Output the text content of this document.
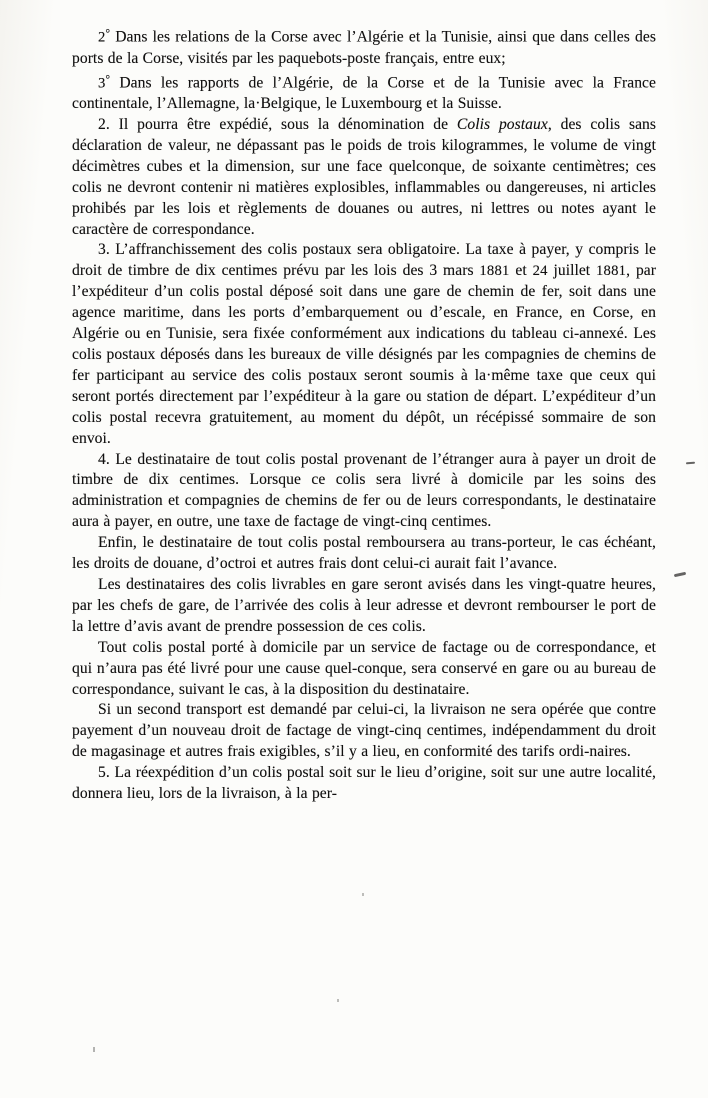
2° Dans les relations de la Corse avec l’Algérie et la Tunisie, ainsi que dans celles des ports de la Corse, visités par les paquebots-poste français, entre eux;

3° Dans les rapports de l’Algérie, de la Corse et de la Tunisie avec la France continentale, l’Allemagne, la·Belgique, le Luxembourg et la Suisse.

2. Il pourra être expédié, sous la dénomination de Colis postaux, des colis sans déclaration de valeur, ne dépassant pas le poids de trois kilogrammes, le volume de vingt décimètres cubes et la dimension, sur une face quelconque, de soixante centimètres; ces colis ne devront contenir ni matières explosibles, inflammables ou dangereuses, ni articles prohibés par les lois et règlements de douanes ou autres, ni lettres ou notes ayant le caractère de correspondance.

3. L’affranchissement des colis postaux sera obligatoire. La taxe à payer, y compris le droit de timbre de dix centimes prévu par les lois des 3 mars 1881 et 24 juillet 1881, par l’expéditeur d’un colis postal déposé soit dans une gare de chemin de fer, soit dans une agence maritime, dans les ports d’embarquement ou d’escale, en France, en Corse, en Algérie ou en Tunisie, sera fixée conformément aux indications du tableau ci-annexé. Les colis postaux déposés dans les bureaux de ville désignés par les compagnies de chemins de fer participant au service des colis postaux seront soumis à la·même taxe que ceux qui seront portés directement par l’expéditeur à la gare ou station de départ. L’expéditeur d’un colis postal recevra gratuitement, au moment du dépôt, un récépissé sommaire de son envoi.

4. Le destinataire de tout colis postal provenant de l’étranger aura à payer un droit de timbre de dix centimes. Lorsque ce colis sera livré à domicile par les soins des administration et compagnies de chemins de fer ou de leurs correspondants, le destinataire aura à payer, en outre, une taxe de factage de vingt-cinq centimes.

Enfin, le destinataire de tout colis postal remboursera au trans-porteur, le cas échéant, les droits de douane, d’octroi et autres frais dont celui-ci aurait fait l’avance.

Les destinataires des colis livrables en gare seront avisés dans les vingt-quatre heures, par les chefs de gare, de l’arrivée des colis à leur adresse et devront rembourser le port de la lettre d’avis avant de prendre possession de ces colis.

Tout colis postal porté à domicile par un service de factage ou de correspondance, et qui n’aura pas été livré pour une cause quel-conque, sera conservé en gare ou au bureau de correspondance, suivant le cas, à la disposition du destinataire.

Si un second transport est demandé par celui-ci, la livraison ne sera opérée que contre payement d’un nouveau droit de factage de vingt-cinq centimes, indépendamment du droit de magasinage et autres frais exigibles, s’il y a lieu, en conformité des tarifs ordi-naires.

5. La réexpédition d’un colis postal soit sur le lieu d’origine, soit sur une autre localité, donnera lieu, lors de la livraison, à la per-
